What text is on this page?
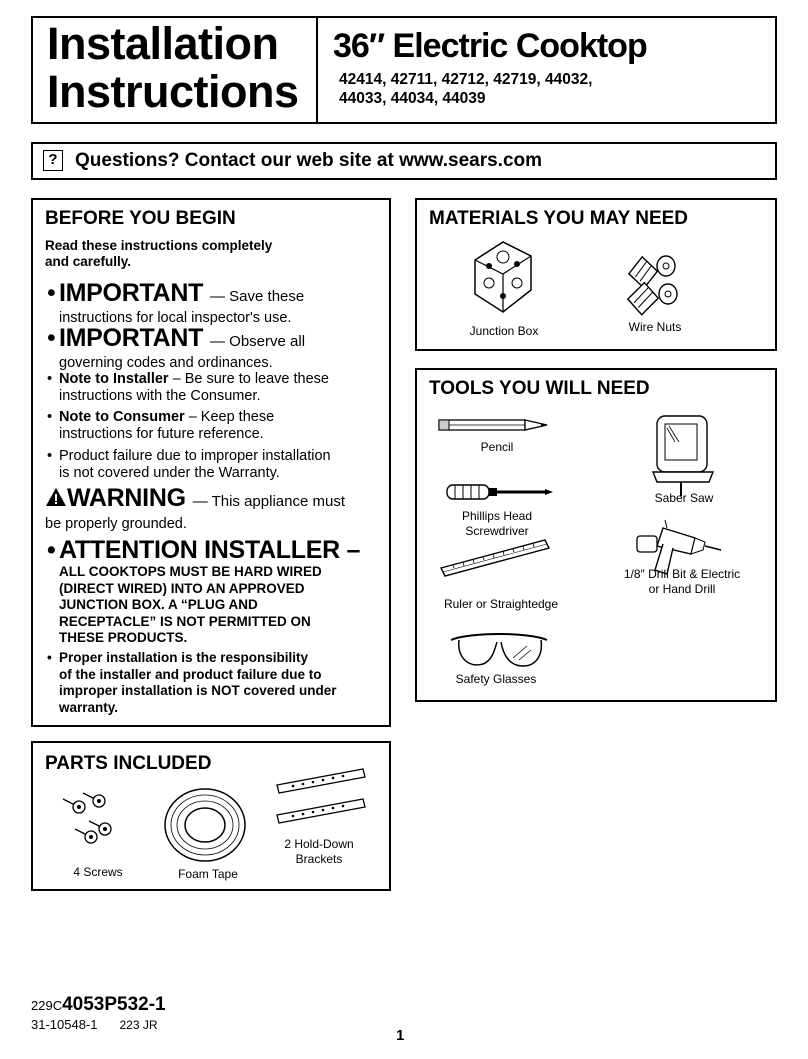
Installation
Instructions
36″ Electric Cooktop
42414, 42711, 42712, 42719, 44032,
44033, 44034, 44039
? Questions? Contact our web site at www.sears.com
BEFORE YOU BEGIN
Read these instructions completely
and carefully.
• IMPORTANT — Save these
instructions for local inspector's use.
• IMPORTANT — Observe all
governing codes and ordinances.
• Note to Installer – Be sure to leave these
instructions with the Consumer.
• Note to Consumer – Keep these
instructions for future reference.
• Product failure due to improper installation
is not covered under the Warranty.
WARNING — This appliance must
be properly grounded.
• ATTENTION INSTALLER –
ALL COOKTOPS MUST BE HARD WIRED
(DIRECT WIRED) INTO AN APPROVED
JUNCTION BOX. A “PLUG AND
RECEPTACLE” IS NOT PERMITTED ON
THESE PRODUCTS.
• Proper installation is the responsibility
of the installer and product failure due to
improper installation is NOT covered under
warranty.
MATERIALS YOU MAY NEED
Junction Box	Wire Nuts
TOOLS YOU WILL NEED
Pencil
Saber Saw
Phillips Head
Screwdriver
1/8″ Drill Bit & Electric
or Hand Drill
Ruler or Straightedge
Safety Glasses
PARTS INCLUDED
4 Screws	Foam Tape
2 Hold-Down
Brackets
229C4053P532-1
31-10548-1 223 JR
1
